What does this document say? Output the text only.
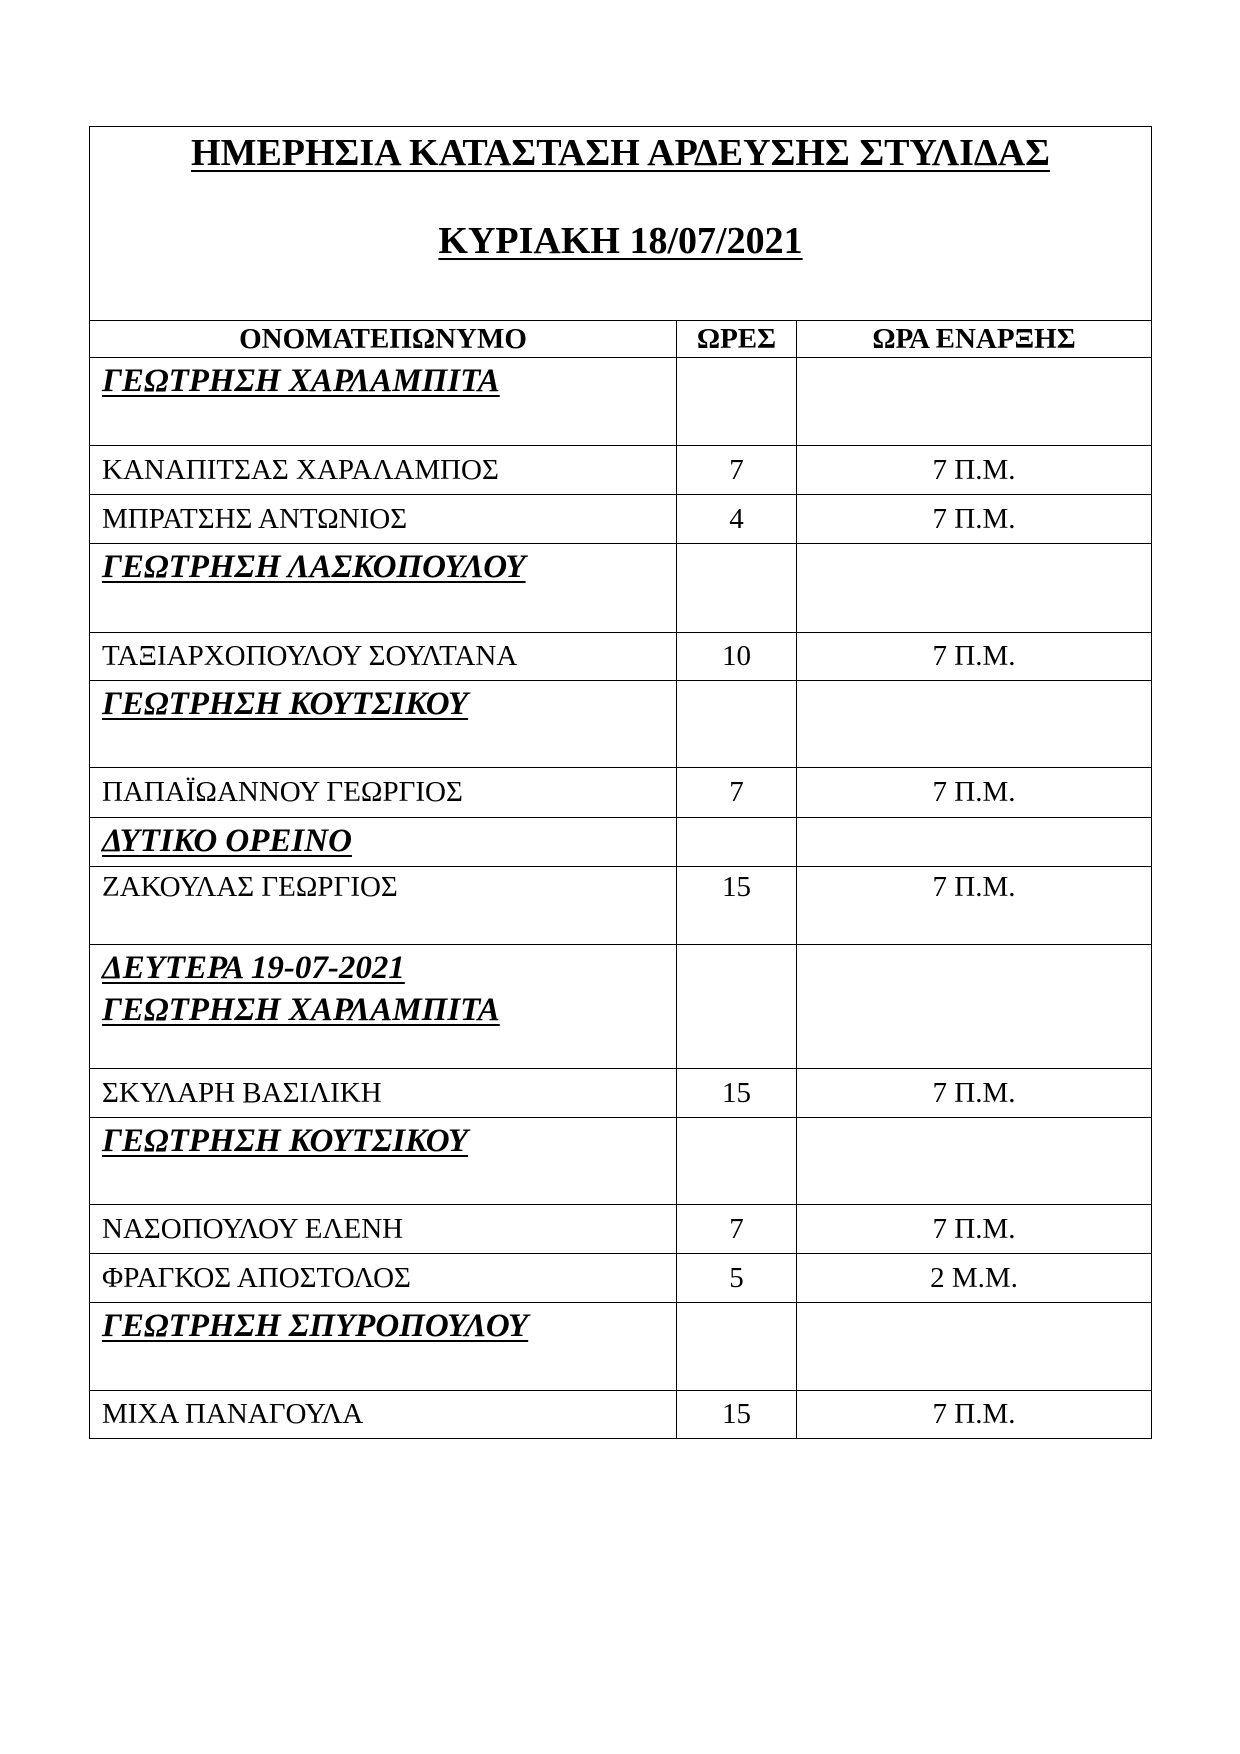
ΗΜΕΡΗΣΙΑ ΚΑΤΑΣΤΑΣΗ ΑΡΔΕΥΣΗΣ ΣΤΥΛΙΔΑΣ
ΚΥΡΙΑΚΗ 18/07/2021		

ΟΝΟΜΑΤΕΠΩΝΥΜΟ	ΩΡΕΣ	ΩΡΑ ΕΝΑΡΞΗΣ

ΓΕΩΤΡΗΣΗ ΧΑΡΛΑΜΠΙΤΑ		

ΚΑΝΑΠΙΤΣΑΣ ΧΑΡΑΛΑΜΠΟΣ	7	7 Π.Μ.
ΜΠΡΑΤΣΗΣ ΑΝΤΩΝΙΟΣ	4	7 Π.Μ.

ΓΕΩΤΡΗΣΗ ΛΑΣΚΟΠΟΥΛΟΥ		

ΤΑΞΙΑΡΧΟΠΟΥΛΟΥ ΣΟΥΛΤΑΝΑ	10	7 Π.Μ.

ΓΕΩΤΡΗΣΗ ΚΟΥΤΣΙΚΟΥ		

ΠΑΠΑΪΩΑΝΝΟΥ ΓΕΩΡΓΙΟΣ	7	7 Π.Μ.

ΔΥΤΙΚΟ ΟΡΕΙΝΟ		

ΖΑΚΟΥΛΑΣ ΓΕΩΡΓΙΟΣ	15	7 Π.Μ.

ΔΕΥΤΕΡΑ 19-07-2021
ΓΕΩΤΡΗΣΗ ΧΑΡΛΑΜΠΙΤΑ		

ΣΚΥΛΑΡΗ ΒΑΣΙΛΙΚΗ	15	7 Π.Μ.

ΓΕΩΤΡΗΣΗ ΚΟΥΤΣΙΚΟΥ		

ΝΑΣΟΠΟΥΛΟΥ ΕΛΕΝΗ	7	7 Π.Μ.
ΦΡΑΓΚΟΣ ΑΠΟΣΤΟΛΟΣ	5	2 Μ.Μ.

ΓΕΩΤΡΗΣΗ ΣΠΥΡΟΠΟΥΛΟΥ		

ΜΙΧΑ ΠΑΝΑΓΟΥΛΑ	15	7 Π.Μ.
